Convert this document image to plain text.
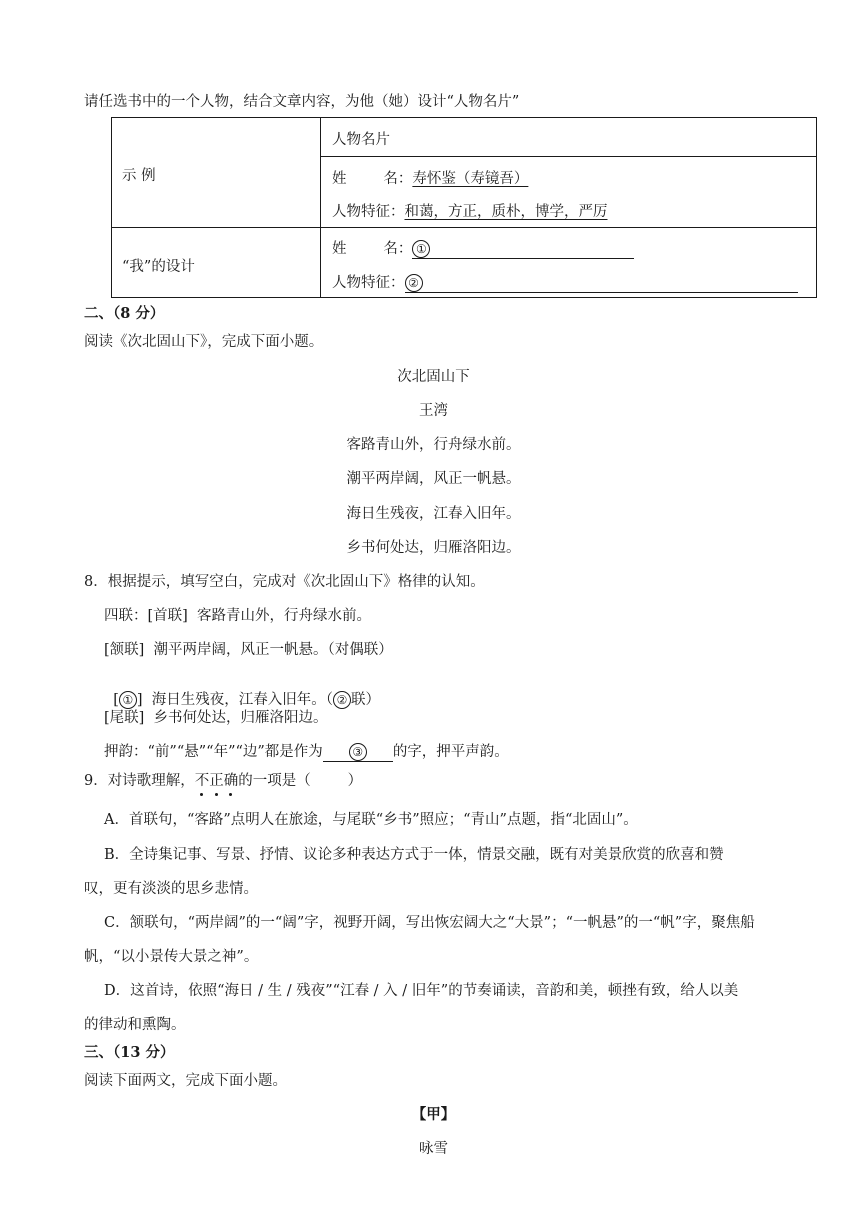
请任选书中的一个人物，结合文章内容，为他（她）设计“人物名片”
示 例
人物名片
姓        名：寿怀鉴（寿镜吾）
人物特征：和蔼，方正，质朴，博学，严厉
“我”的设计
姓        名： ①
人物特征： ②
二、（8 分）
阅读《次北固山下》，完成下面小题。
次北固山下
王湾
客路青山外，行舟绿水前。
潮平两岸阔，风正一帆悬。
海日生残夜，江春入旧年。
乡书何处达，归雁洛阳边。
8．根据提示，填写空白，完成对《次北固山下》格律的认知。
四联：[首联]  客路青山外，行舟绿水前。
[颔联]  潮平两岸阔，风正一帆悬。（对偶联）

[ ① ]  海日生残夜，江春入旧年。（ ② 联）

[尾联]  乡书何处达，归雁洛阳边。
押韵：“前”“悬”“年”“边”都是作为 ③ 的字，押平声韵。
9．对诗歌理解，不正确的一项是（        ）
A．首联句，“客路”点明人在旅途，与尾联“乡书”照应；“青山”点题，指“北固山”。
B．全诗集记事、写景、抒情、议论多种表达方式于一体，情景交融，既有对美景欣赏的欣喜和赞
叹，更有淡淡的思乡悲情。
C．颔联句，“两岸阔”的一“阔”字，视野开阔，写出恢宏阔大之“大景”；“一帆悬”的一“帆”字，聚焦船
帆，“以小景传大景之神”。
D．这首诗，依照“海日 / 生 / 残夜”“江春 / 入 / 旧年”的节奏诵读，音韵和美，顿挫有致，给人以美
的律动和熏陶。
三、（13 分）
阅读下面两文，完成下面小题。
【甲】
咏雪
